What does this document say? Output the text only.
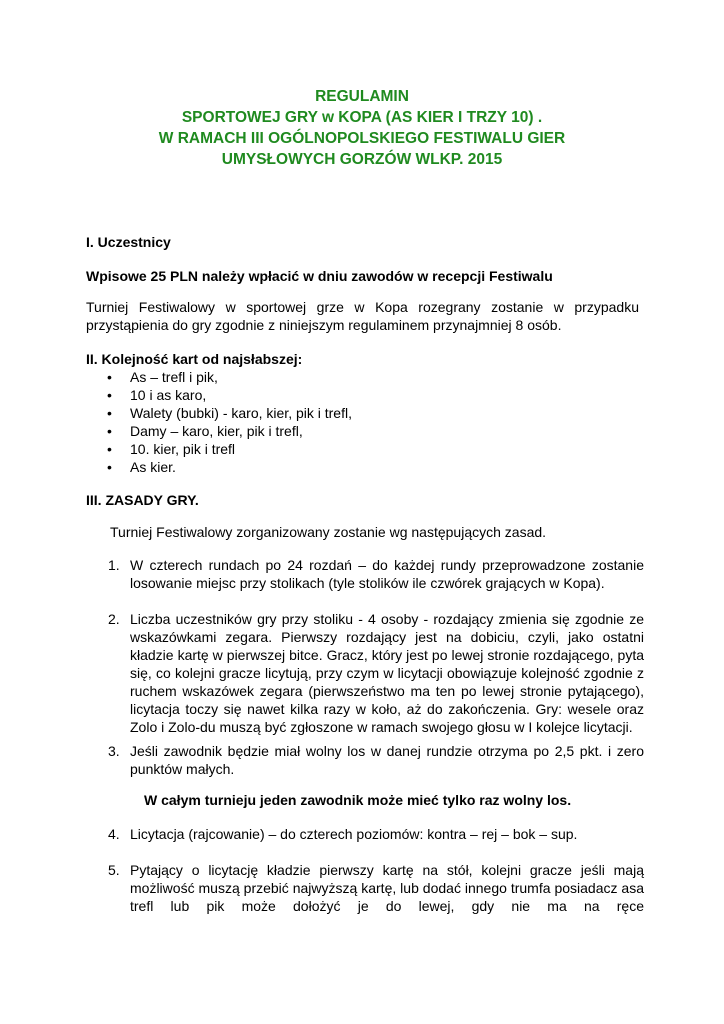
REGULAMIN
SPORTOWEJ GRY w KOPA (AS KIER I TRZY 10) .
W RAMACH III OGÓLNOPOLSKIEGO FESTIWALU GIER
UMYSŁOWYCH GORZÓW WLKP. 2015
I. Uczestnicy
Wpisowe 25 PLN należy wpłacić w dniu zawodów w recepcji Festiwalu
Turniej Festiwalowy w sportowej grze w Kopa rozegrany zostanie w przypadku przystąpienia do gry zgodnie z niniejszym regulaminem przynajmniej 8 osób.
II. Kolejność kart od najsłabszej:
• As – trefl i pik,
• 10 i as karo,
• Walety (bubki) - karo, kier, pik i trefl,
• Damy – karo, kier, pik i trefl,
• 10. kier, pik i trefl
• As kier.
III. ZASADY GRY.
Turniej Festiwalowy zorganizowany zostanie wg następujących zasad.
1. W czterech rundach po 24 rozdań – do każdej rundy przeprowadzone zostanie losowanie miejsc przy stolikach (tyle stolików ile czwórek grających w Kopa).
2. Liczba uczestników gry przy stoliku - 4 osoby - rozdający zmienia się zgodnie ze wskazówkami zegara. Pierwszy rozdający jest na dobiciu, czyli, jako ostatni kładzie kartę w pierwszej bitce. Gracz, który jest po lewej stronie rozdającego, pyta się, co kolejni gracze licytują, przy czym w licytacji obowiązuje kolejność zgodnie z ruchem wskazówek zegara (pierwszeństwo ma ten po lewej stronie pytającego), licytacja toczy się nawet kilka razy w koło, aż do zakończenia. Gry: wesele oraz Zolo i Zolo-du muszą być zgłoszone w ramach swojego głosu w I kolejce licytacji.
3. Jeśli zawodnik będzie miał wolny los w danej rundzie otrzyma po 2,5 pkt. i zero punktów małych.
W całym turnieju jeden zawodnik może mieć tylko raz wolny los.
4. Licytacja (rajcowanie) – do czterech poziomów: kontra – rej – bok – sup.
5. Pytający o licytację kładzie pierwszy kartę na stół, kolejni gracze jeśli mają możliwość muszą przebić najwyższą kartę, lub dodać innego trumfa posiadacz asa trefl lub pik może dołożyć je do lewej, gdy nie ma na ręce
